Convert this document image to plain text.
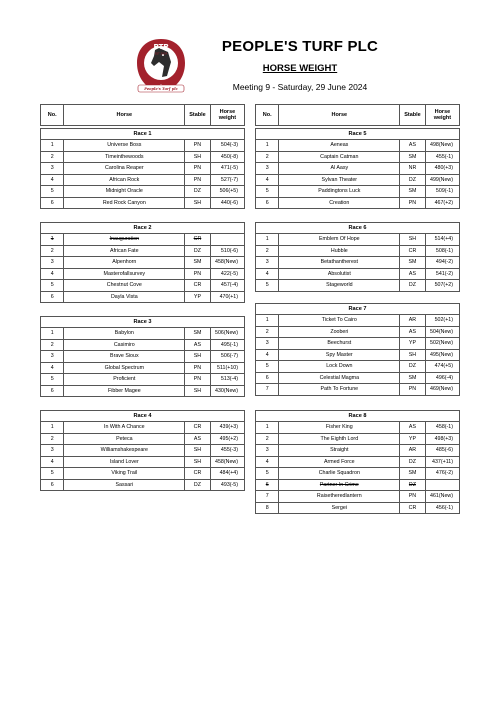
PTP
EST 2024
People's Turf plc
PEOPLE'S TURF PLC
HORSE WEIGHT
Meeting 9 - Saturday, 29 June 2024
No.	Horse	Stable	Horse weight	No.	Horse	Stable	Horse weight
Race 1			
1	Universe Boss	PN	504(-3)
2	Timeinthewoods	SH	450(-8)
3	Carolina Reaper	PN	471(-5)
4	African Rock	PN	527(-7)
5	Midnight Oracle	DZ	506(+5)
6	Red Rock Canyon	SH	440(-6)
Race 2			
1	Inauguration	CR	
2	African Fate	DZ	510(-6)
3	Alpenhorn	SM	458(New)
4	Masterofallsurvey	PN	422(-5)
5	Chestnut Cove	CR	457(-4)
6	Dayla Vista	YP	470(+1)
Race 3			
1	Babylon	SM	506(New)
2	Casimiro	AS	495(-1)
3	Brave Sioux	SH	506(-7)
4	Global Spectrum	PN	511(+10)
5	Proficient	PN	513(-4)
6	Fibber Magee	SH	430(New)
Race 4			
1	In With A Chance	CR	439(+3)
2	Peteca	AS	495(+2)
3	Williamshakespeare	SH	455(-3)
4	Island Lover	SH	458(New)
5	Viking Trail	CR	484(+4)
6	Sassari	DZ	493(-5)
Race 5			
1	Aeneas	AS	498(New)
2	Captain Catman	SM	455(-1)
3	Al Aasy	NR	480(+3)
4	Sylvan Theater	DZ	499(New)
5	Paddingtons Luck	SM	509(-1)
6	Creation	PN	467(+2)
Race 6			
1	Emblem Of Hope	SH	514(+4)
2	Hubble	CR	508(-1)
3	Betathantherest	SM	494(-2)
4	Absolutist	AS	541(-2)
5	Stageworld	DZ	507(+2)
Race 7			
1	Ticket To Cairo	AR	502(+1)
2	Zooberi	AS	504(New)
3	Beechurst	YP	502(New)
4	Spy Master	SH	495(New)
5	Lock Down	DZ	474(+5)
6	Celestial Magma	SM	496(-4)
7	Path To Fortune	PN	469(New)
Race 8			
1	Fisher King	AS	458(-1)
2	The Eighth Lord	YP	498(+3)
3	Straight	AR	485(-6)
4	Armed Force	DZ	437(+11)
5	Charlie Squadron	SM	476(-2)
6	Partner In Crime	DZ	
7	Raisetheredlantern	PN	461(New)
8	Sergei	CR	456(-1)
